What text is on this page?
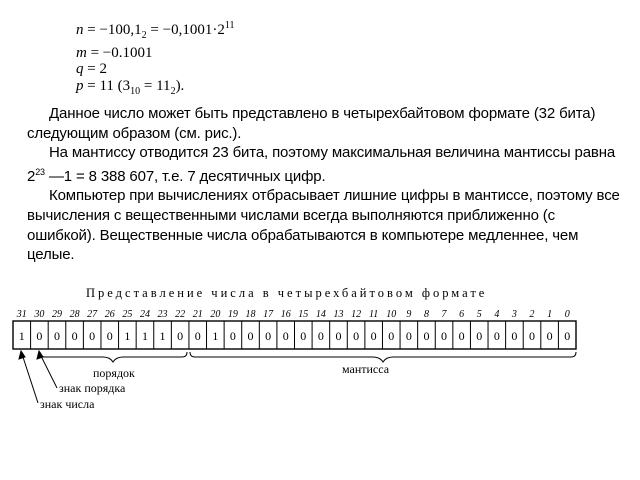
$n = -100,1_2 = -0,1001\cdot 2^{11}$
m = −0.1001
q = 2
p = 11 $(3_{10} = 11_2)$.

Данное число может быть представлено в четырехбайтовом формате (32 бита) следующим образом (см. рис.).

На мантиссу отводится 23 бита, поэтому максимальная величина мантиссы равна $2^{23}$ —1 = 8 388 607, т.е. 7 десятичных цифр.

Компьютер при вычислениях отбрасывает лишние цифры в мантиссе, поэтому все вычисления с вещественными числами всегда выполняются приближенно (с ошибкой). Вещественные числа обрабатываются в компьютере медленнее, чем целые.

Представление числа в четырехбайтовом формате
31 30 29 28 27 26 25 24 23 22 21 20 19 18 17 16 15 14 13 12 11 10 9 8 7 6 5 4 3 2 1 0
1 0 0 0 0 0 1 1 1 0 0 1 0 0 0 0 0 0 0 0 0 0 0 0 0 0 0 0 0 0 0 0
порядок	мантисса
знак порядка
знак числа
